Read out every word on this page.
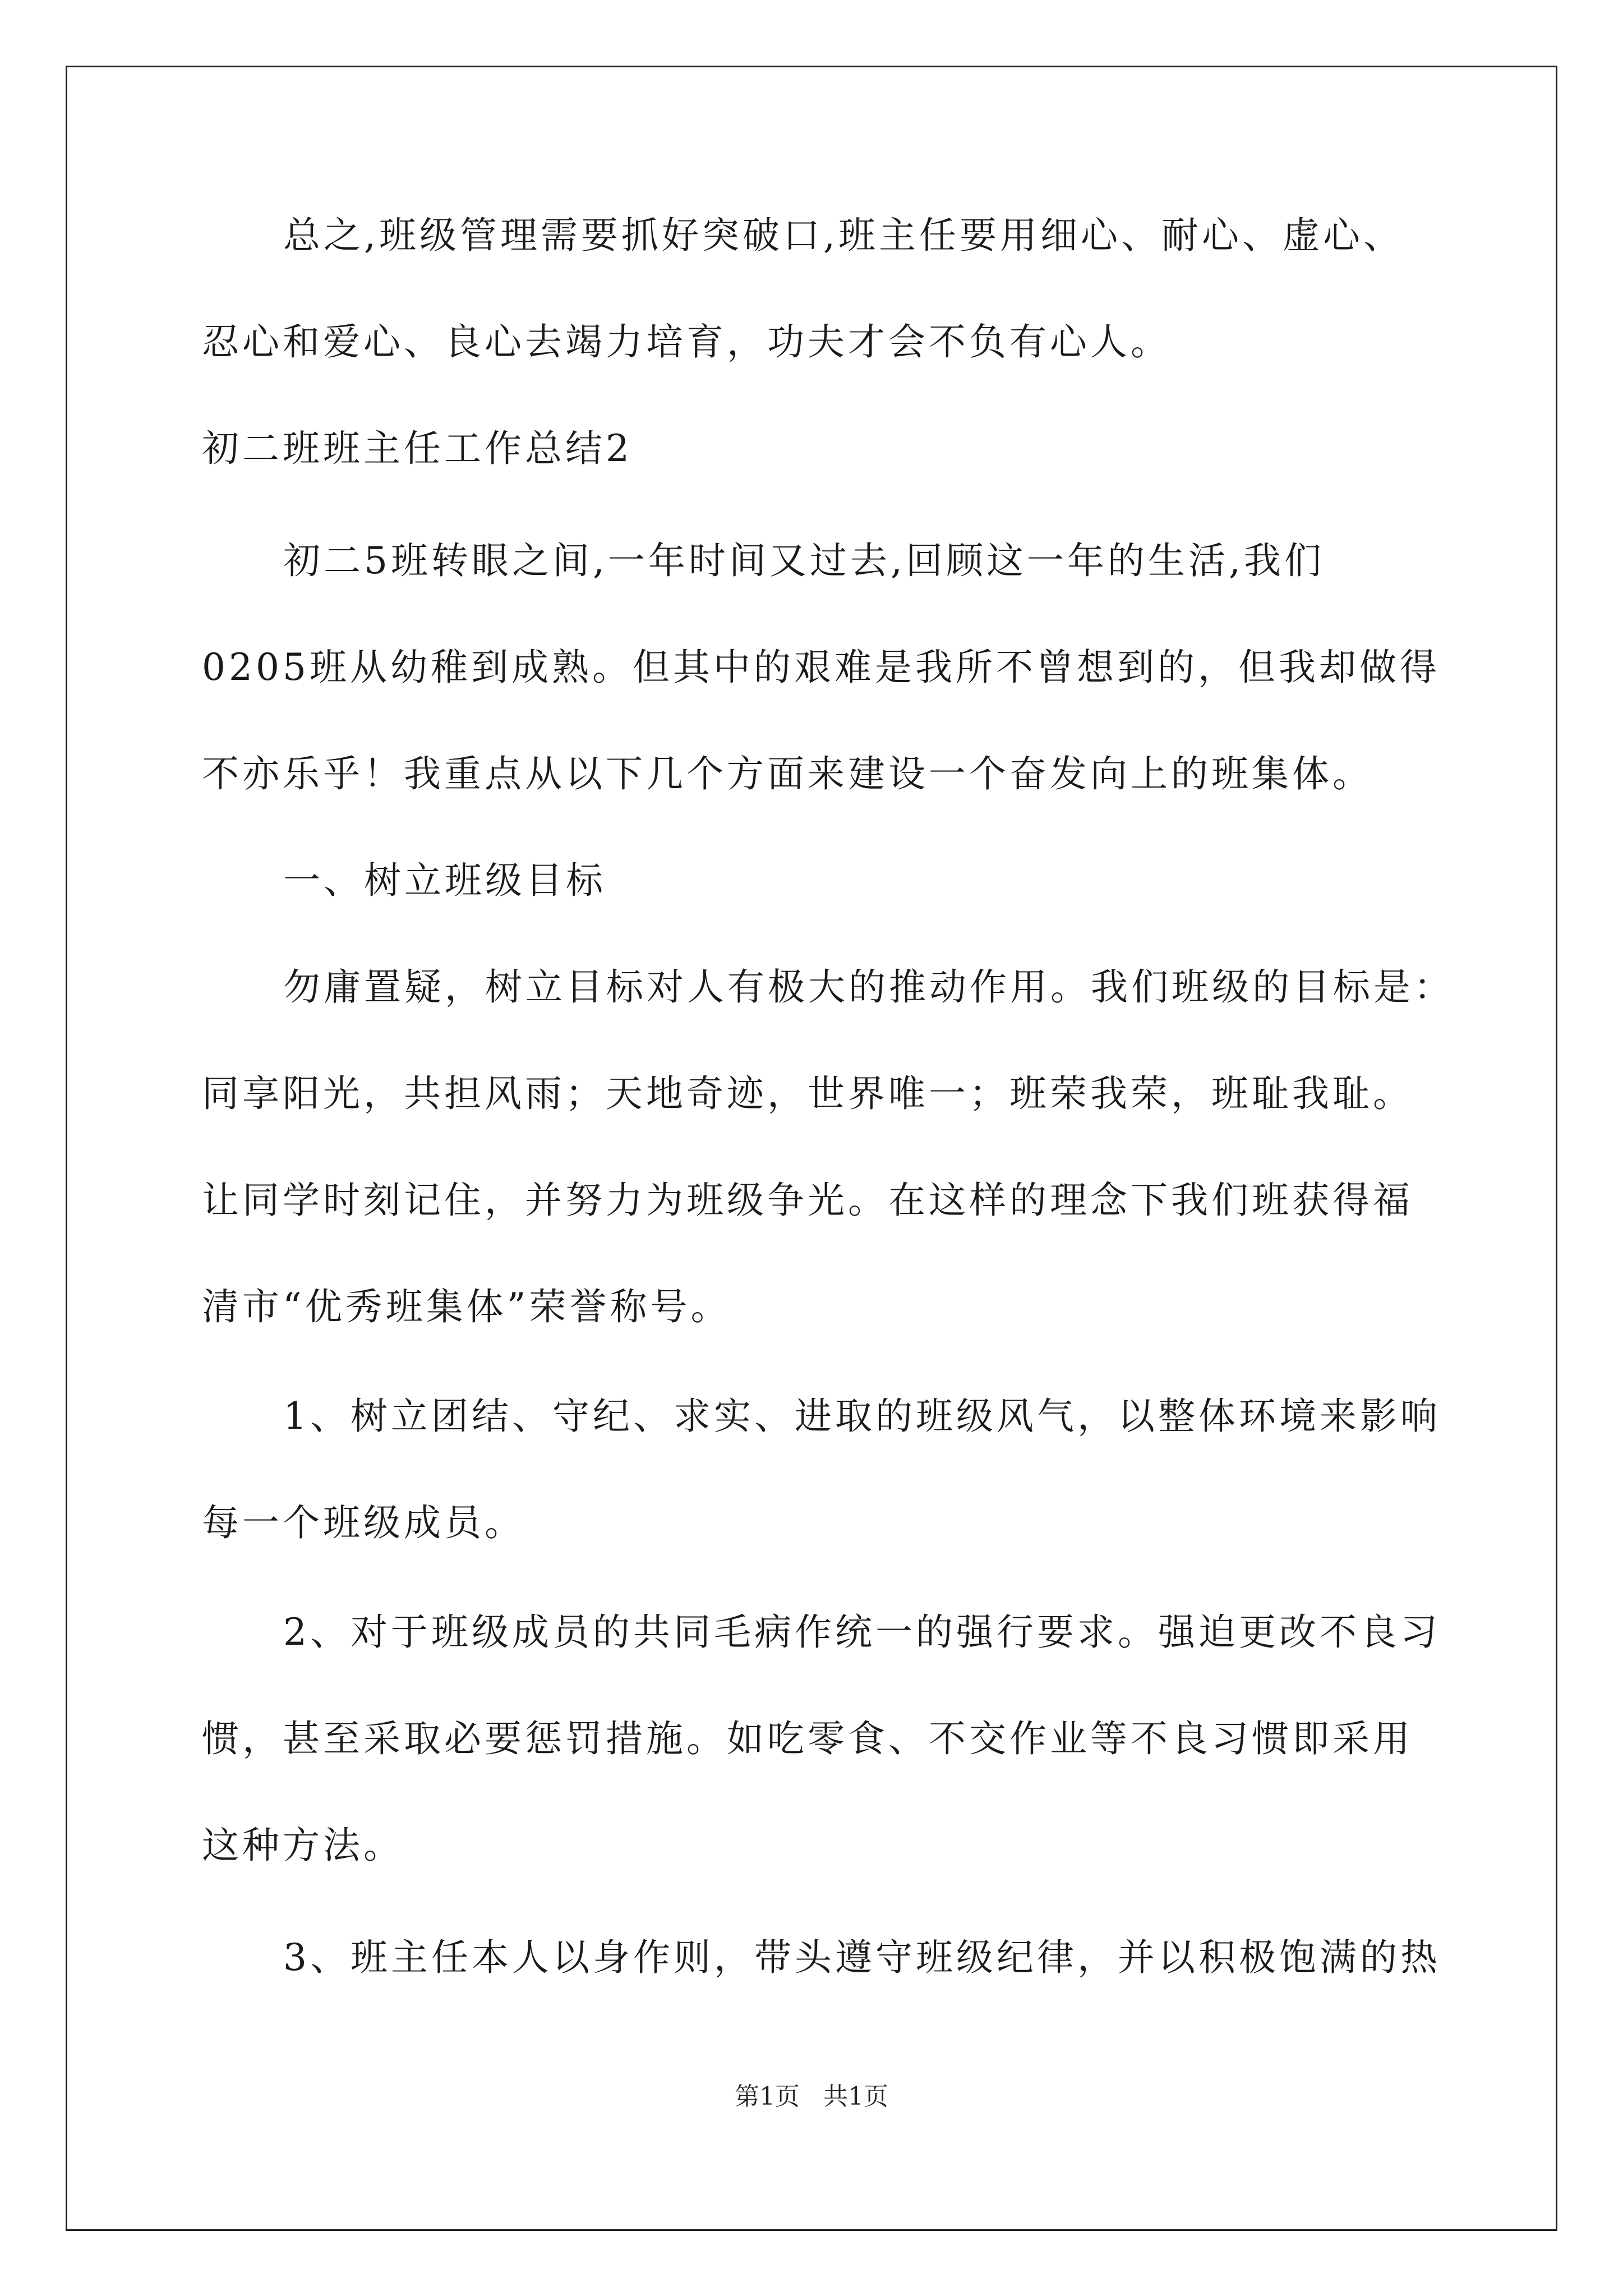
总之,班级管理需要抓好突破口,班主任要用细心、耐心、虚心、
忍心和爱心、良心去竭力培育，功夫才会不负有心人。
初二班班主任工作总结2
初二5班转眼之间,一年时间又过去,回顾这一年的生活,我们
0205班从幼稚到成熟。但其中的艰难是我所不曾想到的，但我却做得
不亦乐乎！我重点从以下几个方面来建设一个奋发向上的班集体。
一、树立班级目标
勿庸置疑，树立目标对人有极大的推动作用。我们班级的目标是：
同享阳光，共担风雨；天地奇迹，世界唯一；班荣我荣，班耻我耻。
让同学时刻记住，并努力为班级争光。在这样的理念下我们班获得福
清市“优秀班集体”荣誉称号。
1、树立团结、守纪、求实、进取的班级风气，以整体环境来影响
每一个班级成员。
2、对于班级成员的共同毛病作统一的强行要求。强迫更改不良习
惯，甚至采取必要惩罚措施。如吃零食、不交作业等不良习惯即采用
这种方法。
3、班主任本人以身作则，带头遵守班级纪律，并以积极饱满的热
第1页   共1页
